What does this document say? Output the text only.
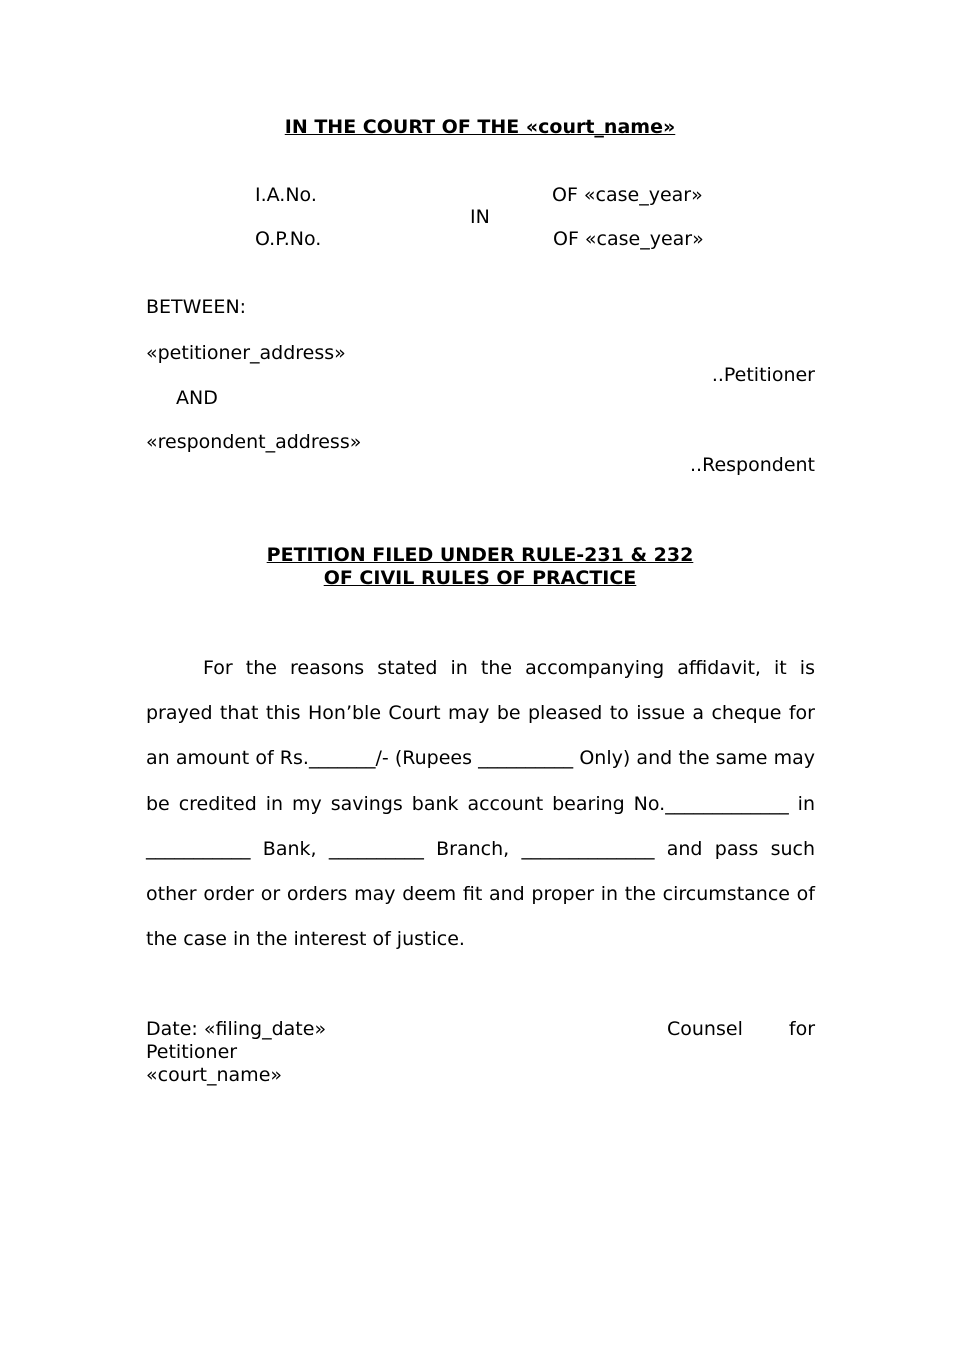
IN THE COURT OF THE «court_name»
I.A.No.	OF «case_year»
IN
O.P.No.	OF «case_year»
BETWEEN:
«petitioner_address»
..Petitioner
AND
«respondent_address»
..Respondent
PETITION FILED UNDER RULE-231 & 232
OF CIVIL RULES OF PRACTICE
For the reasons stated in the accompanying affidavit, it is prayed that this Hon’ble Court may be pleased to issue a cheque for an amount of Rs._______/- (Rupees __________ Only) and the same may be credited in my savings bank account bearing No._____________ in ___________ Bank, __________ Branch, ______________ and pass such other order or orders may deem fit and proper in the circumstance of the case in the interest of justice.
Date: «filing_date»	Counsel for
Petitioner
«court_name»
